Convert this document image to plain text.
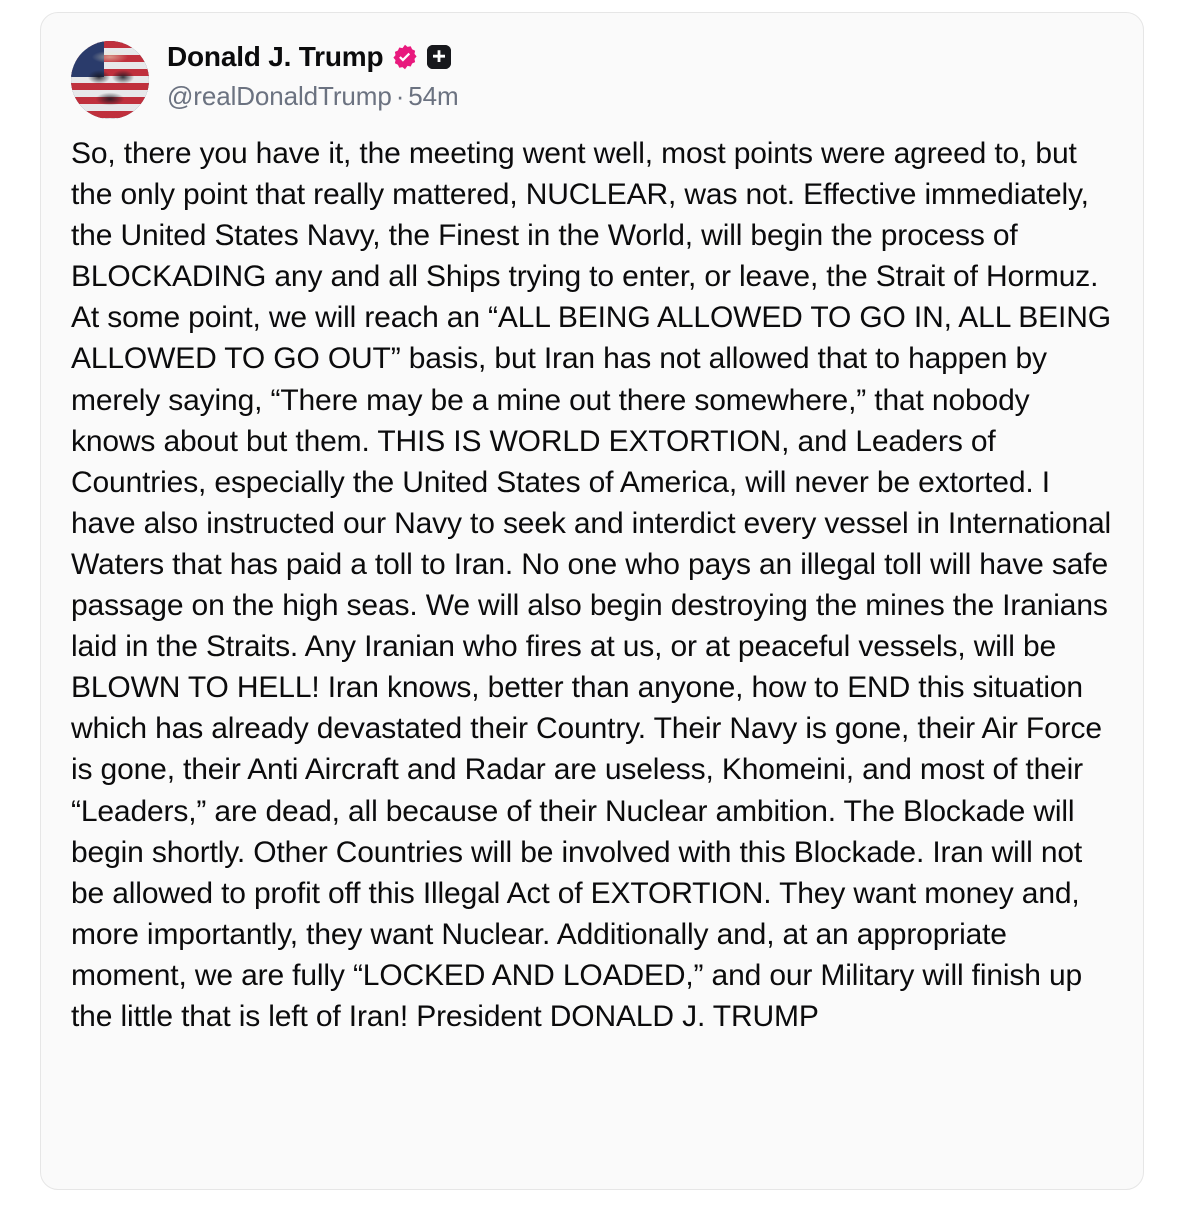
Donald J. Trump
@realDonaldTrump · 54m
So, there you have it, the meeting went well, most points were agreed to, but the only point that really mattered, NUCLEAR, was not. Effective immediately, the United States Navy, the Finest in the World, will begin the process of BLOCKADING any and all Ships trying to enter, or leave, the Strait of Hormuz. At some point, we will reach an “ALL BEING ALLOWED TO GO IN, ALL BEING ALLOWED TO GO OUT” basis, but Iran has not allowed that to happen by merely saying, “There may be a mine out there somewhere,” that nobody knows about but them. THIS IS WORLD EXTORTION, and Leaders of Countries, especially the United States of America, will never be extorted. I have also instructed our Navy to seek and interdict every vessel in International Waters that has paid a toll to Iran. No one who pays an illegal toll will have safe passage on the high seas. We will also begin destroying the mines the Iranians laid in the Straits. Any Iranian who fires at us, or at peaceful vessels, will be BLOWN TO HELL! Iran knows, better than anyone, how to END this situation which has already devastated their Country. Their Navy is gone, their Air Force is gone, their Anti Aircraft and Radar are useless, Khomeini, and most of their “Leaders,” are dead, all because of their Nuclear ambition. The Blockade will begin shortly. Other Countries will be involved with this Blockade. Iran will not be allowed to profit off this Illegal Act of EXTORTION. They want money and, more importantly, they want Nuclear. Additionally and, at an appropriate moment, we are fully “LOCKED AND LOADED,” and our Military will finish up the little that is left of Iran! President DONALD J. TRUMP
